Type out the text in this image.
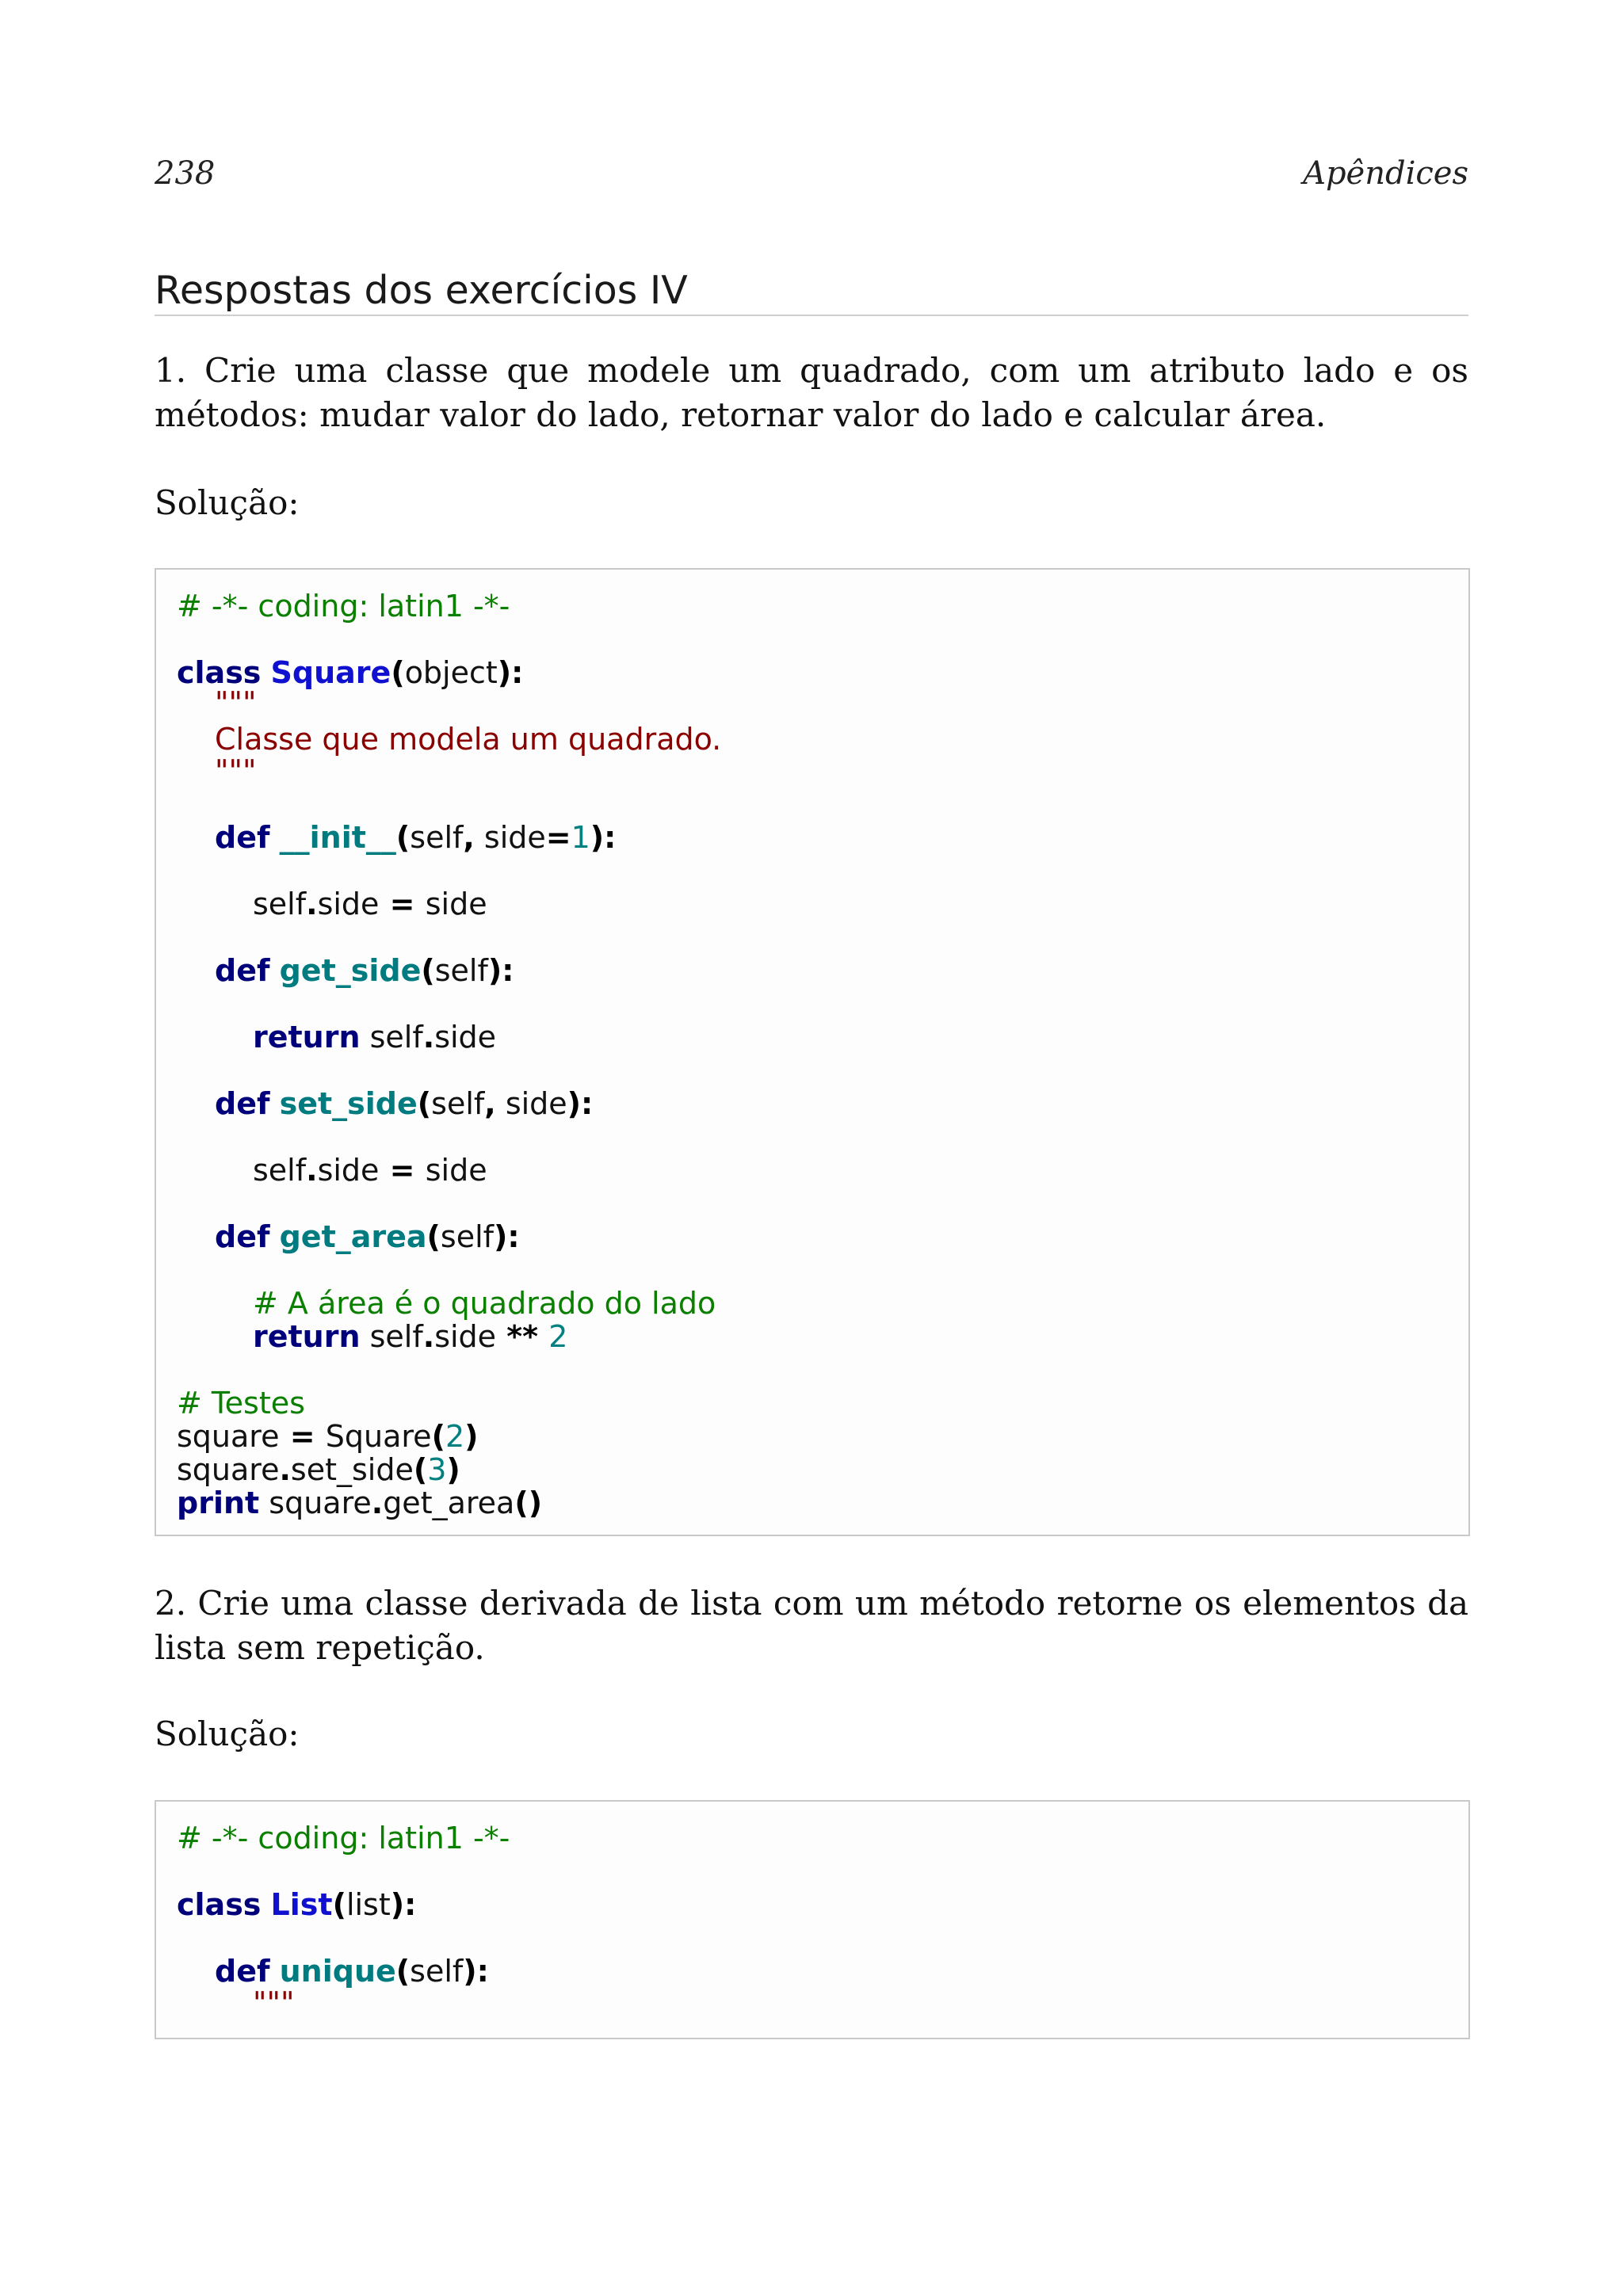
238	Apêndices
Respostas dos exercícios IV
1. Crie uma classe que modele um quadrado, com um atributo lado e os métodos: mudar valor do lado, retornar valor do lado e calcular área.
Solução:
# -*- coding: latin1 -*-
class Square(object):
"""
Classe que modela um quadrado.
"""
def __init__(self, side=1):
self.side = side
def get_side(self):
return self.side
def set_side(self, side):
self.side = side
def get_area(self):
# A área é o quadrado do lado
return self.side ** 2
# Testes
square = Square(2)
square.set_side(3)
print square.get_area()
2. Crie uma classe derivada de lista com um método retorne os elementos da lista sem repetição.
Solução:
# -*- coding: latin1 -*-
class List(list):
def unique(self):
"""
